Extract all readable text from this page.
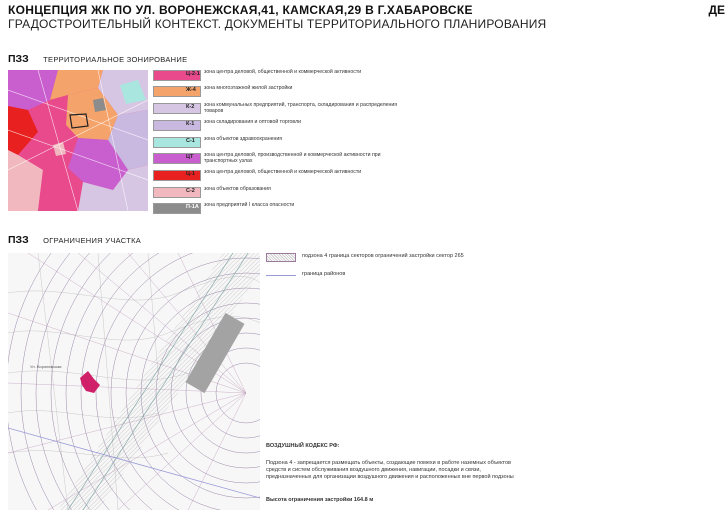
КОНЦЕПЦИЯ ЖК ПО УЛ. ВОРОНЕЖСКАЯ,41, КАМСКАЯ,29 В Г.ХАБАРОВСКЕ	ДЕ
ГРАДОСТРОИТЕЛЬНЫЙ КОНТЕКСТ. ДОКУМЕНТЫ ТЕРРИТОРИАЛЬНОГО ПЛАНИРОВАНИЯ
ПЗЗ ТЕРРИТОРИАЛЬНОЕ ЗОНИРОВАНИЕ
Ц-2-1 зона центра деловой, общественной и коммерческой активности
Ж-4 зона многоэтажной жилой застройки
К-2 зона коммунальных предприятий, транспорта, складирования и распределения товаров
К-1 зона складирования и оптовой торговли
С-1 зона объектов здравоохранения
ЦТ зона центра деловой, производственной и коммерческой активности при транспортных узлах
Ц-1 зона центра деловой, общественной и коммерческой активности
С-2 зона объектов образования
П-1А зона предприятий I класса опасности
ПЗЗ ОГРАНИЧЕНИЯ УЧАСТКА
Ул. Воронежская
подзона 4 граница секторов ограничений застройки сектор 265
граница районов
ВОЗДУШНЫЙ КОДЕКС РФ:
Подзона 4 - запрещается размещать объекты, создающие помехи в работе наземных объектов средств и систем обслуживания воздушного движения, навигации, посадки и связи, предназначенных для организации воздушного движения и расположенных вне первой подзоны
Высота ограничения застройки 164.8 м
